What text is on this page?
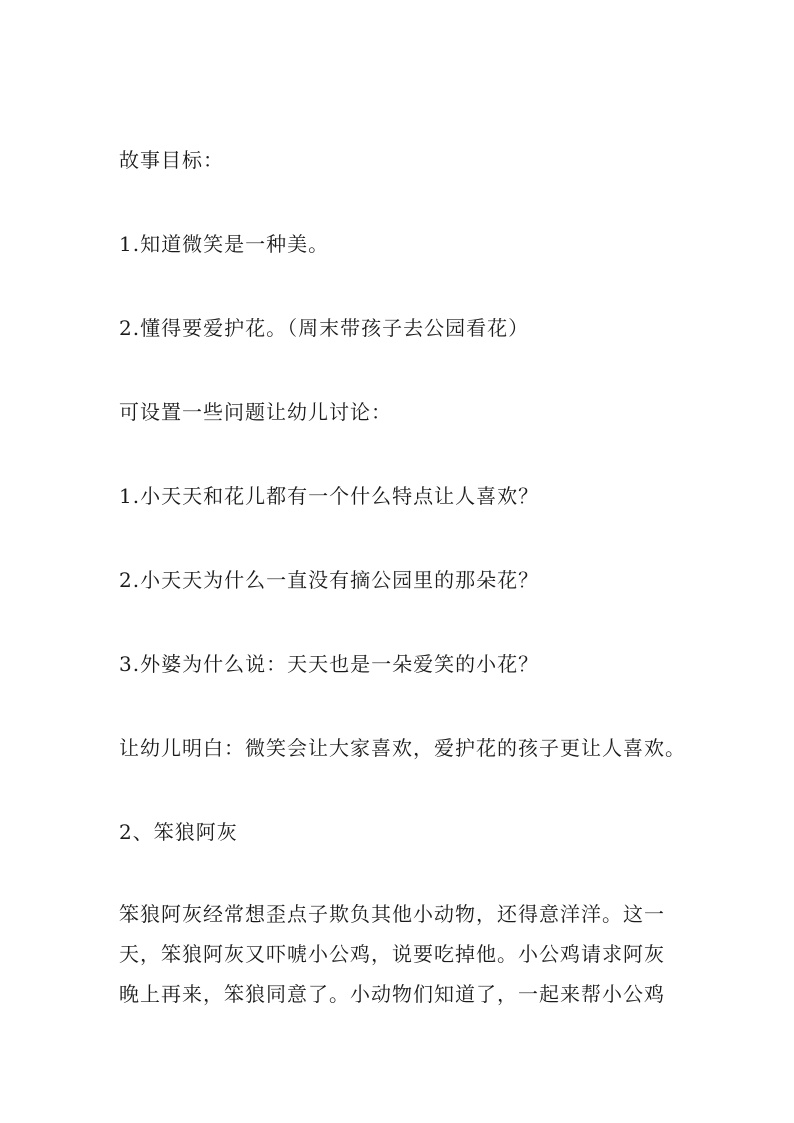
故事目标：

1.知道微笑是一种美。

2.懂得要爱护花。（周末带孩子去公园看花）

可设置一些问题让幼儿讨论：

1.小天天和花儿都有一个什么特点让人喜欢？

2.小天天为什么一直没有摘公园里的那朵花？

3.外婆为什么说：天天也是一朵爱笑的小花？

让幼儿明白：微笑会让大家喜欢，爱护花的孩子更让人喜欢。

2、笨狼阿灰

笨狼阿灰经常想歪点子欺负其他小动物，还得意洋洋。这一
天，笨狼阿灰又吓唬小公鸡，说要吃掉他。小公鸡请求阿灰
晚上再来，笨狼同意了。小动物们知道了，一起来帮小公鸡
